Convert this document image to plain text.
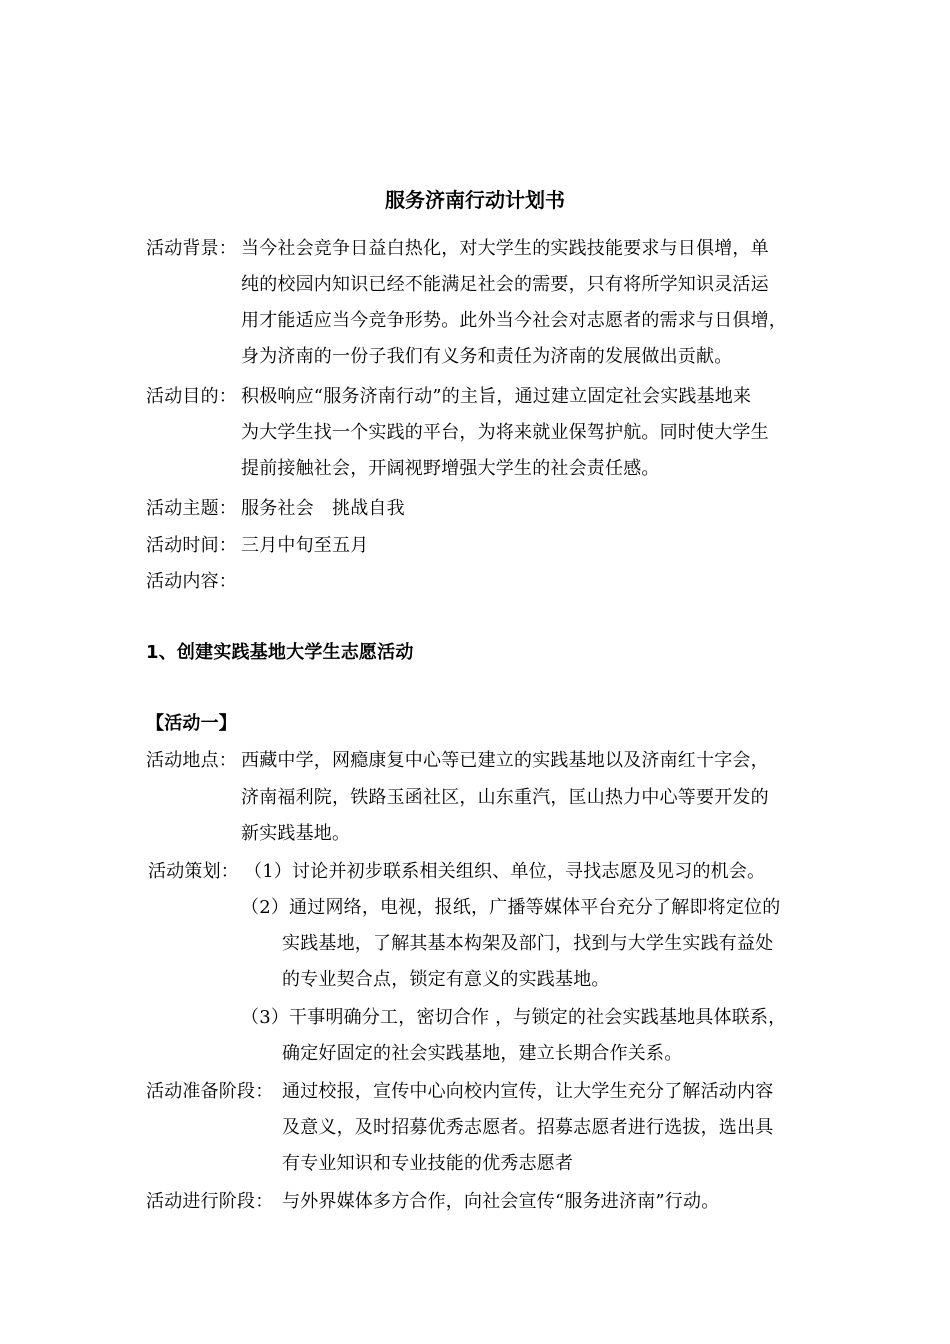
服务济南行动计划书
活动背景： 当今社会竞争日益白热化，对大学生的实践技能要求与日俱增，单
纯的校园内知识已经不能满足社会的需要，只有将所学知识灵活运
用才能适应当今竞争形势。此外当今社会对志愿者的需求与日俱增，
身为济南的一份子我们有义务和责任为济南的发展做出贡献。
活动目的： 积极响应“服务济南行动”的主旨，通过建立固定社会实践基地来
为大学生找一个实践的平台，为将来就业保驾护航。同时使大学生
提前接触社会，开阔视野增强大学生的社会责任感。
活动主题： 服务社会　挑战自我
活动时间： 三月中旬至五月
活动内容：
1、创建实践基地大学生志愿活动
【活动一】
活动地点： 西藏中学，网瘾康复中心等已建立的实践基地以及济南红十字会，
济南福利院，铁路玉函社区，山东重汽，匡山热力中心等要开发的
新实践基地。
活动策划： （1）讨论并初步联系相关组织、单位，寻找志愿及见习的机会。
（2）通过网络，电视，报纸，广播等媒体平台充分了解即将定位的
实践基地，了解其基本构架及部门，找到与大学生实践有益处
的专业契合点，锁定有意义的实践基地。
（3）干事明确分工，密切合作 ，与锁定的社会实践基地具体联系，
确定好固定的社会实践基地，建立长期合作关系。
活动准备阶段： 通过校报，宣传中心向校内宣传，让大学生充分了解活动内容
及意义，及时招募优秀志愿者。招募志愿者进行选拔，选出具
有专业知识和专业技能的优秀志愿者
活动进行阶段： 与外界媒体多方合作，向社会宣传“服务进济南”行动。
